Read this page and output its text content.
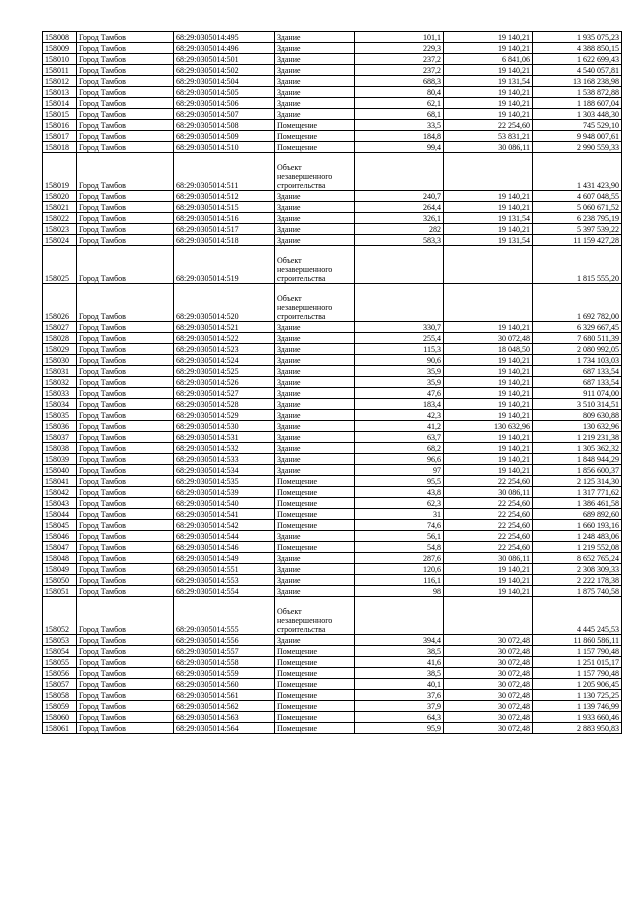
158008	Город Тамбов	68:29:0305014:495	Здание	101,1	19 140,21	1 935 075,23
158009	Город Тамбов	68:29:0305014:496	Здание	229,3	19 140,21	4 388 850,15
158010	Город Тамбов	68:29:0305014:501	Здание	237,2	6 841,06	1 622 699,43
158011	Город Тамбов	68:29:0305014:502	Здание	237,2	19 140,21	4 540 057,81
158012	Город Тамбов	68:29:0305014:504	Здание	688,3	19 131,54	13 168 238,98
158013	Город Тамбов	68:29:0305014:505	Здание	80,4	19 140,21	1 538 872,88
158014	Город Тамбов	68:29:0305014:506	Здание	62,1	19 140,21	1 188 607,04
158015	Город Тамбов	68:29:0305014:507	Здание	68,1	19 140,21	1 303 448,30
158016	Город Тамбов	68:29:0305014:508	Помещение	33,5	22 254,60	745 529,10
158017	Город Тамбов	68:29:0305014:509	Помещение	184,8	53 831,21	9 948 007,61
158018	Город Тамбов	68:29:0305014:510	Помещение	99,4	30 086,11	2 990 559,33
158019	Город Тамбов	68:29:0305014:511	Объект незавершенного строительства			1 431 423,90
158020	Город Тамбов	68:29:0305014:512	Здание	240,7	19 140,21	4 607 048,55
158021	Город Тамбов	68:29:0305014:515	Здание	264,4	19 140,21	5 060 671,52
158022	Город Тамбов	68:29:0305014:516	Здание	326,1	19 131,54	6 238 795,19
158023	Город Тамбов	68:29:0305014:517	Здание	282	19 140,21	5 397 539,22
158024	Город Тамбов	68:29:0305014:518	Здание	583,3	19 131,54	11 159 427,28
158025	Город Тамбов	68:29:0305014:519	Объект незавершенного строительства			1 815 555,20
158026	Город Тамбов	68:29:0305014:520	Объект незавершенного строительства			1 692 782,00
158027	Город Тамбов	68:29:0305014:521	Здание	330,7	19 140,21	6 329 667,45
158028	Город Тамбов	68:29:0305014:522	Здание	255,4	30 072,48	7 680 511,39
158029	Город Тамбов	68:29:0305014:523	Здание	115,3	18 048,50	2 080 992,05
158030	Город Тамбов	68:29:0305014:524	Здание	90,6	19 140,21	1 734 103,03
158031	Город Тамбов	68:29:0305014:525	Здание	35,9	19 140,21	687 133,54
158032	Город Тамбов	68:29:0305014:526	Здание	35,9	19 140,21	687 133,54
158033	Город Тамбов	68:29:0305014:527	Здание	47,6	19 140,21	911 074,00
158034	Город Тамбов	68:29:0305014:528	Здание	183,4	19 140,21	3 510 314,51
158035	Город Тамбов	68:29:0305014:529	Здание	42,3	19 140,21	809 630,88
158036	Город Тамбов	68:29:0305014:530	Здание	41,2	130 632,96	130 632,96
158037	Город Тамбов	68:29:0305014:531	Здание	63,7	19 140,21	1 219 231,38
158038	Город Тамбов	68:29:0305014:532	Здание	68,2	19 140,21	1 305 362,32
158039	Город Тамбов	68:29:0305014:533	Здание	96,6	19 140,21	1 848 944,29
158040	Город Тамбов	68:29:0305014:534	Здание	97	19 140,21	1 856 600,37
158041	Город Тамбов	68:29:0305014:535	Помещение	95,5	22 254,60	2 125 314,30
158042	Город Тамбов	68:29:0305014:539	Помещение	43,8	30 086,11	1 317 771,62
158043	Город Тамбов	68:29:0305014:540	Помещение	62,3	22 254,60	1 386 461,58
158044	Город Тамбов	68:29:0305014:541	Помещение	31	22 254,60	689 892,60
158045	Город Тамбов	68:29:0305014:542	Помещение	74,6	22 254,60	1 660 193,16
158046	Город Тамбов	68:29:0305014:544	Здание	56,1	22 254,60	1 248 483,06
158047	Город Тамбов	68:29:0305014:546	Помещение	54,8	22 254,60	1 219 552,08
158048	Город Тамбов	68:29:0305014:549	Здание	287,6	30 086,11	8 652 765,24
158049	Город Тамбов	68:29:0305014:551	Здание	120,6	19 140,21	2 308 309,33
158050	Город Тамбов	68:29:0305014:553	Здание	116,1	19 140,21	2 222 178,38
158051	Город Тамбов	68:29:0305014:554	Здание	98	19 140,21	1 875 740,58
158052	Город Тамбов	68:29:0305014:555	Объект незавершенного строительства			4 445 245,53
158053	Город Тамбов	68:29:0305014:556	Здание	394,4	30 072,48	11 860 586,11
158054	Город Тамбов	68:29:0305014:557	Помещение	38,5	30 072,48	1 157 790,48
158055	Город Тамбов	68:29:0305014:558	Помещение	41,6	30 072,48	1 251 015,17
158056	Город Тамбов	68:29:0305014:559	Помещение	38,5	30 072,48	1 157 790,48
158057	Город Тамбов	68:29:0305014:560	Помещение	40,1	30 072,48	1 205 906,45
158058	Город Тамбов	68:29:0305014:561	Помещение	37,6	30 072,48	1 130 725,25
158059	Город Тамбов	68:29:0305014:562	Помещение	37,9	30 072,48	1 139 746,99
158060	Город Тамбов	68:29:0305014:563	Помещение	64,3	30 072,48	1 933 660,46
158061	Город Тамбов	68:29:0305014:564	Помещение	95,9	30 072,48	2 883 950,83
